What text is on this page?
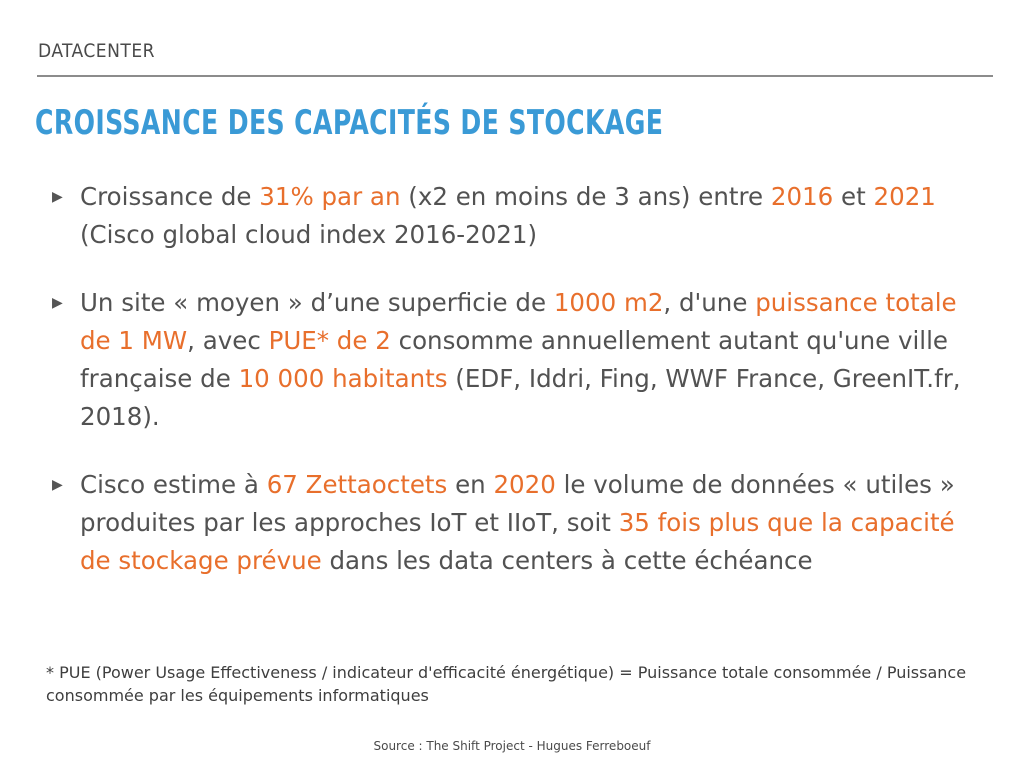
DATACENTER
CROISSANCE DES CAPACITÉS DE STOCKAGE
▶ Croissance de 31% par an (x2 en moins de 3 ans) entre 2016 et 2021 (Cisco global cloud index 2016-2021)
▶ Un site « moyen » d’une superficie de 1000 m2, d'une puissance totale de 1 MW, avec PUE* de 2 consomme annuellement autant qu'une ville française de 10 000 habitants (EDF, Iddri, Fing, WWF France, GreenIT.fr, 2018).
▶ Cisco estime à 67 Zettaoctets en 2020 le volume de données « utiles » produites par les approches IoT et IIoT, soit 35 fois plus que la capacité de stockage prévue dans les data centers à cette échéance
* PUE (Power Usage Effectiveness / indicateur d'efficacité énergétique) = Puissance totale consommée / Puissance consommée par les équipements informatiques
Source : The Shift Project - Hugues Ferreboeuf
